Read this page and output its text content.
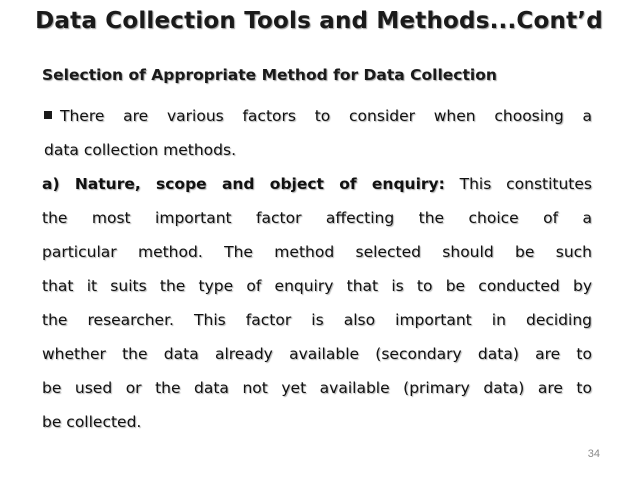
Data Collection Tools and Methods...Cont’d
Selection of Appropriate Method for Data Collection
There are various factors to consider when choosing a
data collection methods.
a) Nature, scope and object of enquiry: This constitutes
the most important factor affecting the choice of a
particular method. The method selected should be such
that it suits the type of enquiry that is to be conducted by
the researcher. This factor is also important in deciding
whether the data already available (secondary data) are to
be used or the data not yet available (primary data) are to
be collected.
34
